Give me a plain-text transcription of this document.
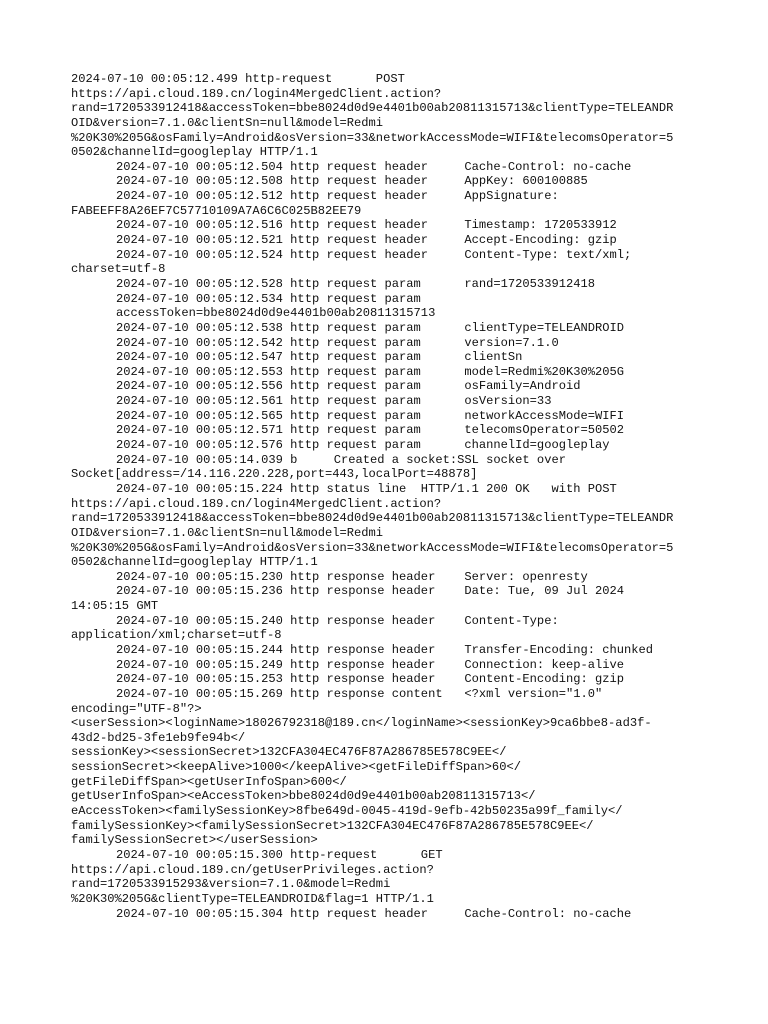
2024-07-10 00:05:12.499 http-request      POST
https://api.cloud.189.cn/login4MergedClient.action?
rand=1720533912418&accessToken=bbe8024d0d9e4401b00ab20811315713&clientType=TELEANDR
OID&version=7.1.0&clientSn=null&model=Redmi
%20K30%205G&osFamily=Android&osVersion=33&networkAccessMode=WIFI&telecomsOperator=5
0502&channelId=googleplay HTTP/1.1
2024-07-10 00:05:12.504 http request header     Cache-Control: no-cache
2024-07-10 00:05:12.508 http request header     AppKey: 600100885
2024-07-10 00:05:12.512 http request header     AppSignature:
FABEEFF8A26EF7C57710109A7A6C6C025B82EE79
2024-07-10 00:05:12.516 http request header     Timestamp: 1720533912
2024-07-10 00:05:12.521 http request header     Accept-Encoding: gzip
2024-07-10 00:05:12.524 http request header     Content-Type: text/xml;
charset=utf-8
2024-07-10 00:05:12.528 http request param      rand=1720533912418
2024-07-10 00:05:12.534 http request param
accessToken=bbe8024d0d9e4401b00ab20811315713
2024-07-10 00:05:12.538 http request param      clientType=TELEANDROID
2024-07-10 00:05:12.542 http request param      version=7.1.0
2024-07-10 00:05:12.547 http request param      clientSn
2024-07-10 00:05:12.553 http request param      model=Redmi%20K30%205G
2024-07-10 00:05:12.556 http request param      osFamily=Android
2024-07-10 00:05:12.561 http request param      osVersion=33
2024-07-10 00:05:12.565 http request param      networkAccessMode=WIFI
2024-07-10 00:05:12.571 http request param      telecomsOperator=50502
2024-07-10 00:05:12.576 http request param      channelId=googleplay
2024-07-10 00:05:14.039 b     Created a socket:SSL socket over
Socket[address=/14.116.220.228,port=443,localPort=48878]
2024-07-10 00:05:15.224 http status line  HTTP/1.1 200 OK   with POST
https://api.cloud.189.cn/login4MergedClient.action?
rand=1720533912418&accessToken=bbe8024d0d9e4401b00ab20811315713&clientType=TELEANDR
OID&version=7.1.0&clientSn=null&model=Redmi
%20K30%205G&osFamily=Android&osVersion=33&networkAccessMode=WIFI&telecomsOperator=5
0502&channelId=googleplay HTTP/1.1
2024-07-10 00:05:15.230 http response header    Server: openresty
2024-07-10 00:05:15.236 http response header    Date: Tue, 09 Jul 2024
14:05:15 GMT
2024-07-10 00:05:15.240 http response header    Content-Type:
application/xml;charset=utf-8
2024-07-10 00:05:15.244 http response header    Transfer-Encoding: chunked
2024-07-10 00:05:15.249 http response header    Connection: keep-alive
2024-07-10 00:05:15.253 http response header    Content-Encoding: gzip
2024-07-10 00:05:15.269 http response content   <?xml version="1.0"
encoding="UTF-8"?>
<userSession><loginName>18026792318@189.cn</loginName><sessionKey>9ca6bbe8-ad3f-
43d2-bd25-3fe1eb9fe94b</
sessionKey><sessionSecret>132CFA304EC476F87A286785E578C9EE</
sessionSecret><keepAlive>1000</keepAlive><getFileDiffSpan>60</
getFileDiffSpan><getUserInfoSpan>600</
getUserInfoSpan><eAccessToken>bbe8024d0d9e4401b00ab20811315713</
eAccessToken><familySessionKey>8fbe649d-0045-419d-9efb-42b50235a99f_family</
familySessionKey><familySessionSecret>132CFA304EC476F87A286785E578C9EE</
familySessionSecret></userSession>
2024-07-10 00:05:15.300 http-request      GET
https://api.cloud.189.cn/getUserPrivileges.action?
rand=1720533915293&version=7.1.0&model=Redmi
%20K30%205G&clientType=TELEANDROID&flag=1 HTTP/1.1
2024-07-10 00:05:15.304 http request header     Cache-Control: no-cache
